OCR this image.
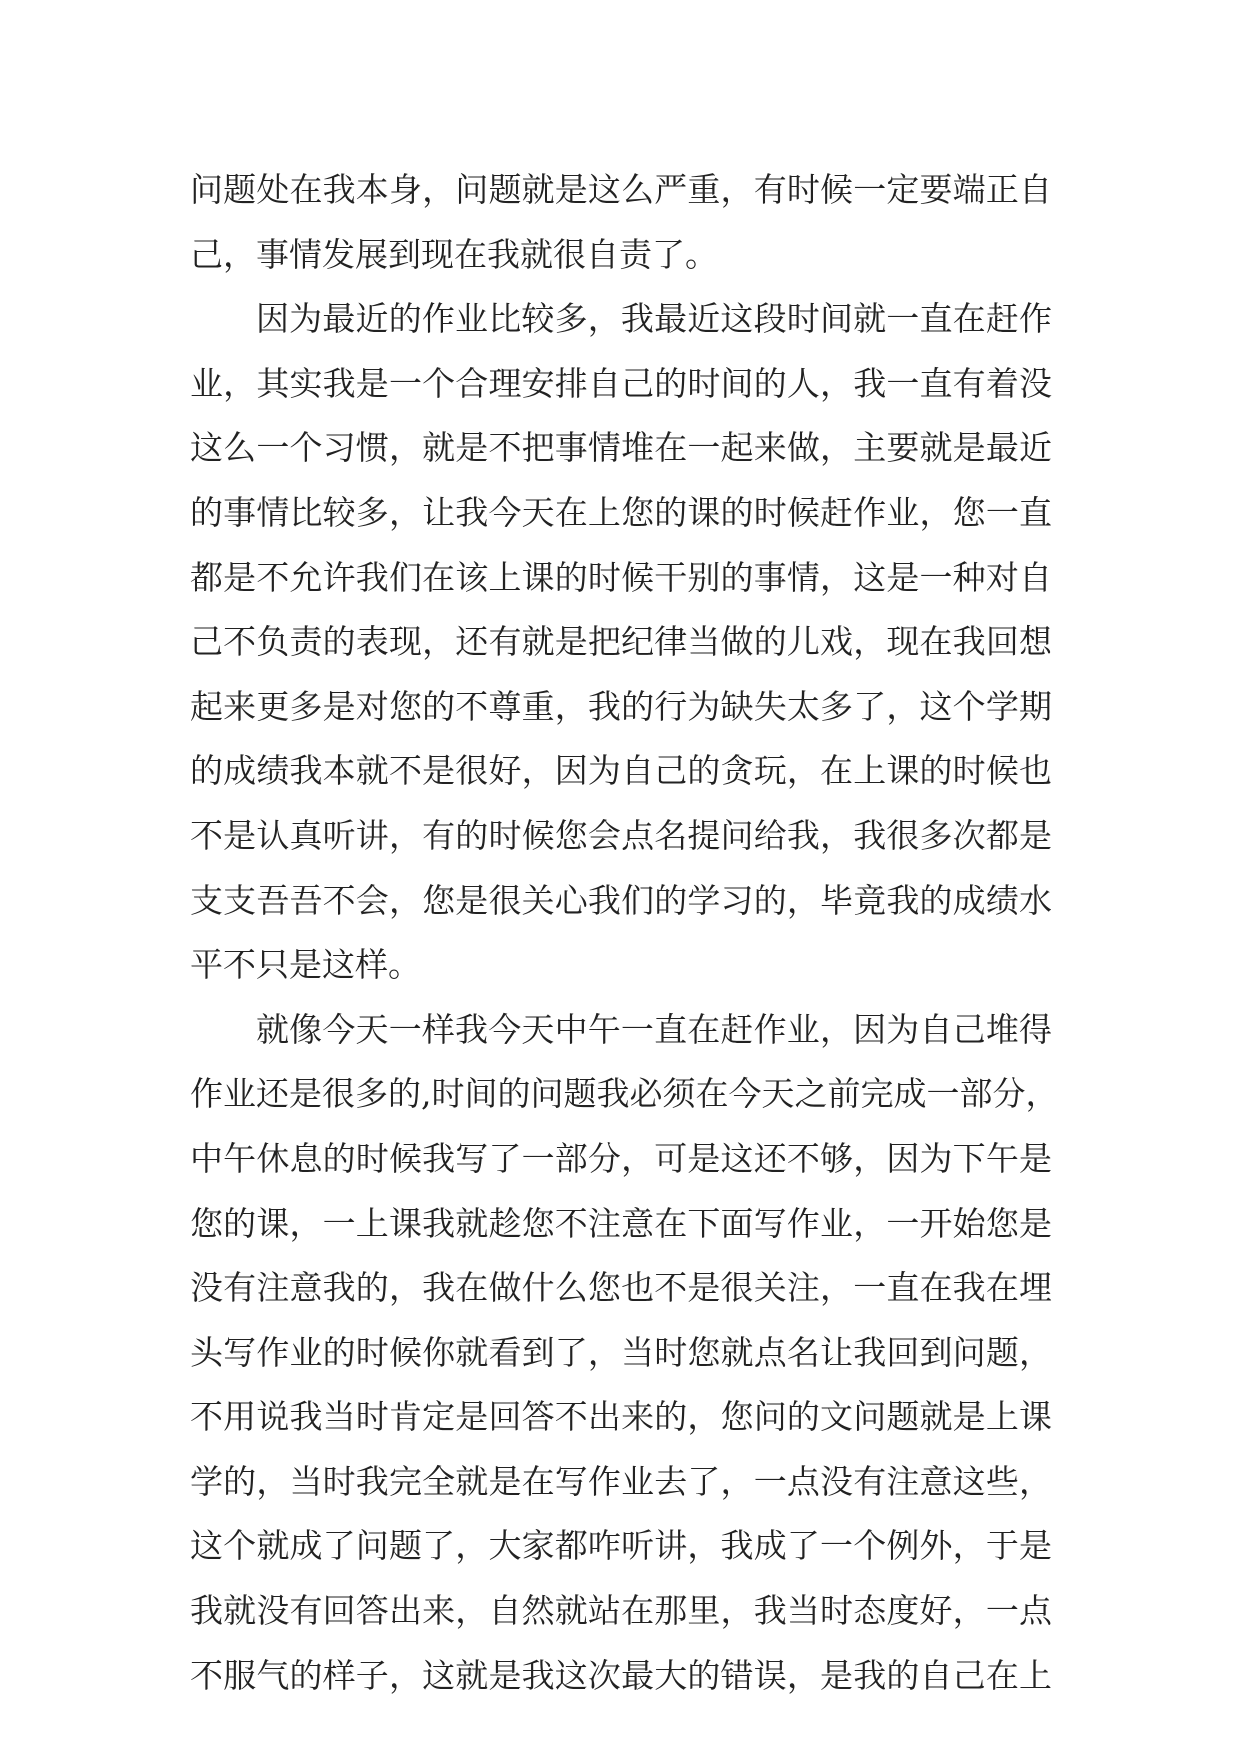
问题处在我本身，问题就是这么严重，有时候一定要端正自
己，事情发展到现在我就很自责了。
因为最近的作业比较多，我最近这段时间就一直在赶作
业，其实我是一个合理安排自己的时间的人，我一直有着没
这么一个习惯，就是不把事情堆在一起来做，主要就是最近
的事情比较多，让我今天在上您的课的时候赶作业，您一直
都是不允许我们在该上课的时候干别的事情，这是一种对自
己不负责的表现，还有就是把纪律当做的儿戏，现在我回想
起来更多是对您的不尊重，我的行为缺失太多了，这个学期
的成绩我本就不是很好，因为自己的贪玩，在上课的时候也
不是认真听讲，有的时候您会点名提问给我，我很多次都是
支支吾吾不会，您是很关心我们的学习的，毕竟我的成绩水
平不只是这样。
就像今天一样我今天中午一直在赶作业，因为自己堆得
作业还是很多的,时间的问题我必须在今天之前完成一部分，
中午休息的时候我写了一部分，可是这还不够，因为下午是
您的课，一上课我就趁您不注意在下面写作业，一开始您是
没有注意我的，我在做什么您也不是很关注，一直在我在埋
头写作业的时候你就看到了，当时您就点名让我回到问题，
不用说我当时肯定是回答不出来的，您问的文问题就是上课
学的，当时我完全就是在写作业去了，一点没有注意这些，
这个就成了问题了，大家都咋听讲，我成了一个例外，于是
我就没有回答出来，自然就站在那里，我当时态度好，一点
不服气的样子，这就是我这次最大的错误，是我的自己在上
